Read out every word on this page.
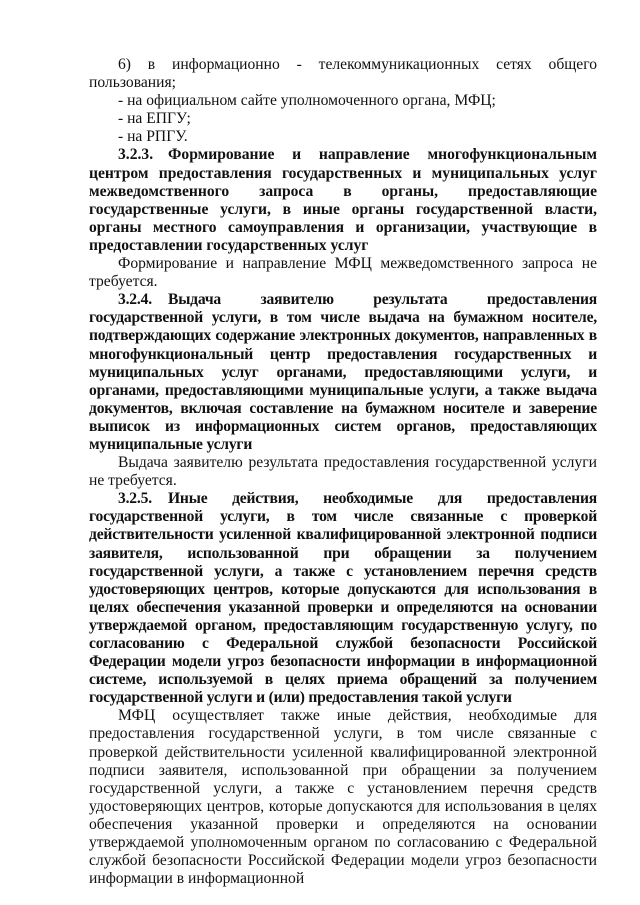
6) в информационно - телекоммуникационных сетях общего пользования;

- на официальном сайте уполномоченного органа, МФЦ;

- на ЕПГУ;

- на РПГУ.

3.2.3. Формирование и направление многофункциональным центром предоставления государственных и муниципальных услуг межведомственного запроса в органы, предоставляющие государственные услуги, в иные органы государственной власти, органы местного самоуправления и организации, участвующие в предоставлении государственных услуг

Формирование и направление МФЦ межведомственного запроса не требуется.

3.2.4. Выдача заявителю результата предоставления государственной услуги, в том числе выдача на бумажном носителе, подтверждающих содержание электронных документов, направленных в многофункциональный центр предоставления государственных и муниципальных услуг органами, предоставляющими услуги, и органами, предоставляющими муниципальные услуги, а также выдача документов, включая составление на бумажном носителе и заверение выписок из информационных систем органов, предоставляющих муниципальные услуги

Выдача заявителю результата предоставления государственной услуги не требуется.

3.2.5. Иные действия, необходимые для предоставления государственной услуги, в том числе связанные с проверкой действительности усиленной квалифицированной электронной подписи заявителя, использованной при обращении за получением государственной услуги, а также с установлением перечня средств удостоверяющих центров, которые допускаются для использования в целях обеспечения указанной проверки и определяются на основании утверждаемой органом, предоставляющим государственную услугу, по согласованию с Федеральной службой безопасности Российской Федерации модели угроз безопасности информации в информационной системе, используемой в целях приема обращений за получением государственной услуги и (или) предоставления такой услуги

МФЦ осуществляет также иные действия, необходимые для предоставления государственной услуги, в том числе связанные с проверкой действительности усиленной квалифицированной электронной подписи заявителя, использованной при обращении за получением государственной услуги, а также с установлением перечня средств удостоверяющих центров, которые допускаются для использования в целях обеспечения указанной проверки и определяются на основании утверждаемой уполномоченным органом по согласованию с Федеральной службой безопасности Российской Федерации модели угроз безопасности информации в информационной
